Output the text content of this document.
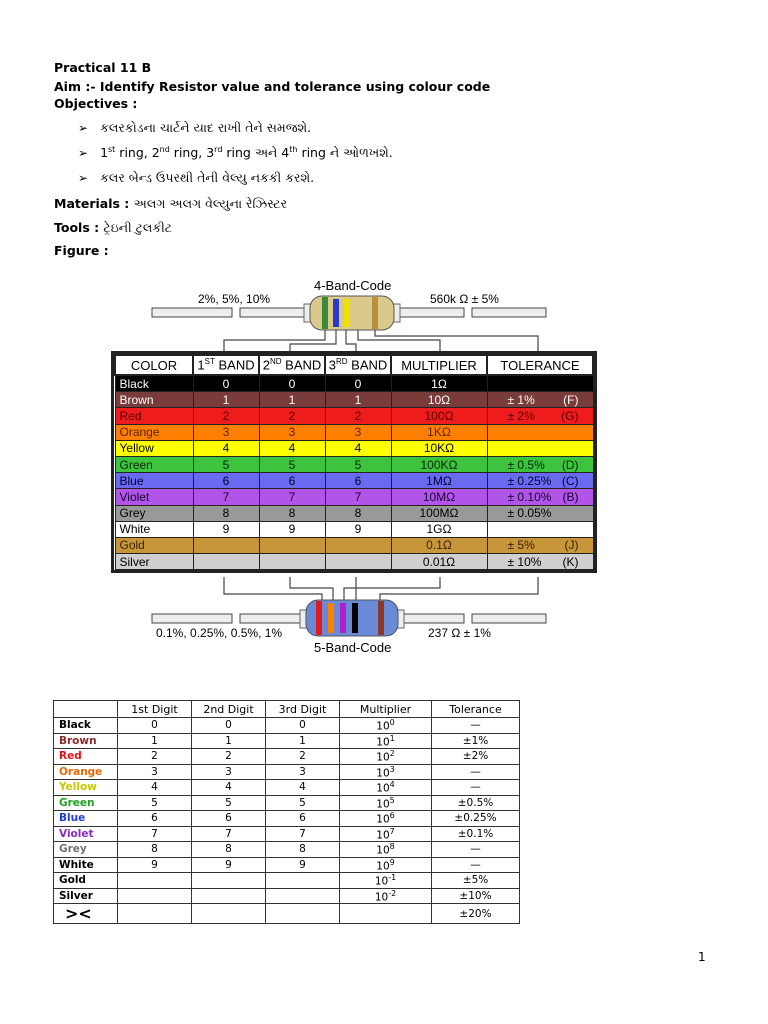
Practical 11 B
Aim :- Identify Resistor value and tolerance using colour code
Objectives :
➢ કલરકોડના ચાર્ટને યાદ રાખી તેને સમજશે.
➢ 1st ring, 2nd ring, 3rd ring અને 4th ring ને ઓળખશે.
➢ કલર બેન્ડ ઉપરથી તેની વેલ્યુ નકકી કરશે.
Materials : અલગ અલગ વેલ્યુના રેઝિસ્ટર
Tools : ટ્રેઇની ટુલકીટ
Figure :
4-Band-Code
2%, 5%, 10%	560k Ω ± 5%
COLOR	1ST BAND	2ND BAND	3RD BAND	MULTIPLIER	TOLERANCE
Black	0	0	0	1Ω	

Brown	1	1	1	10Ω	± 1% (F)

Red	2	2	2	100Ω	± 2% (G)

Orange	3	3	3	1KΩ	

Yellow	4	4	4	10KΩ	

Green	5	5	5	100KΩ	± 0.5% (D)

Blue	6	6	6	1MΩ	± 0.25% (C)

Violet	7	7	7	10MΩ	± 0.10% (B)

Grey	8	8	8	100MΩ	± 0.05%

White	9	9	9	1GΩ	

Gold				0.1Ω	± 5% (J)

Silver				0.01Ω	± 10% (K)
0.1%, 0.25%, 0.5%, 1%	237 Ω ± 1%
5-Band-Code
	1st Digit	2nd Digit	3rd Digit	Multiplier	Tolerance
Black	0	0	0	$10^0$	—
Brown	1	1	1	$10^1$	±1%
Red	2	2	2	$10^2$	±2%
Orange	3	3	3	$10^3$	—
Yellow	4	4	4	$10^4$	—
Green	5	5	5	$10^5$	±0.5%
Blue	6	6	6	$10^6$	±0.25%
Violet	7	7	7	$10^7$	±0.1%
Grey	8	8	8	$10^8$	—
White	9	9	9	$10^9$	—
Gold				$10^{-1}$	±5%
Silver				$10^{-2}$	±10%
><					±20%
1
